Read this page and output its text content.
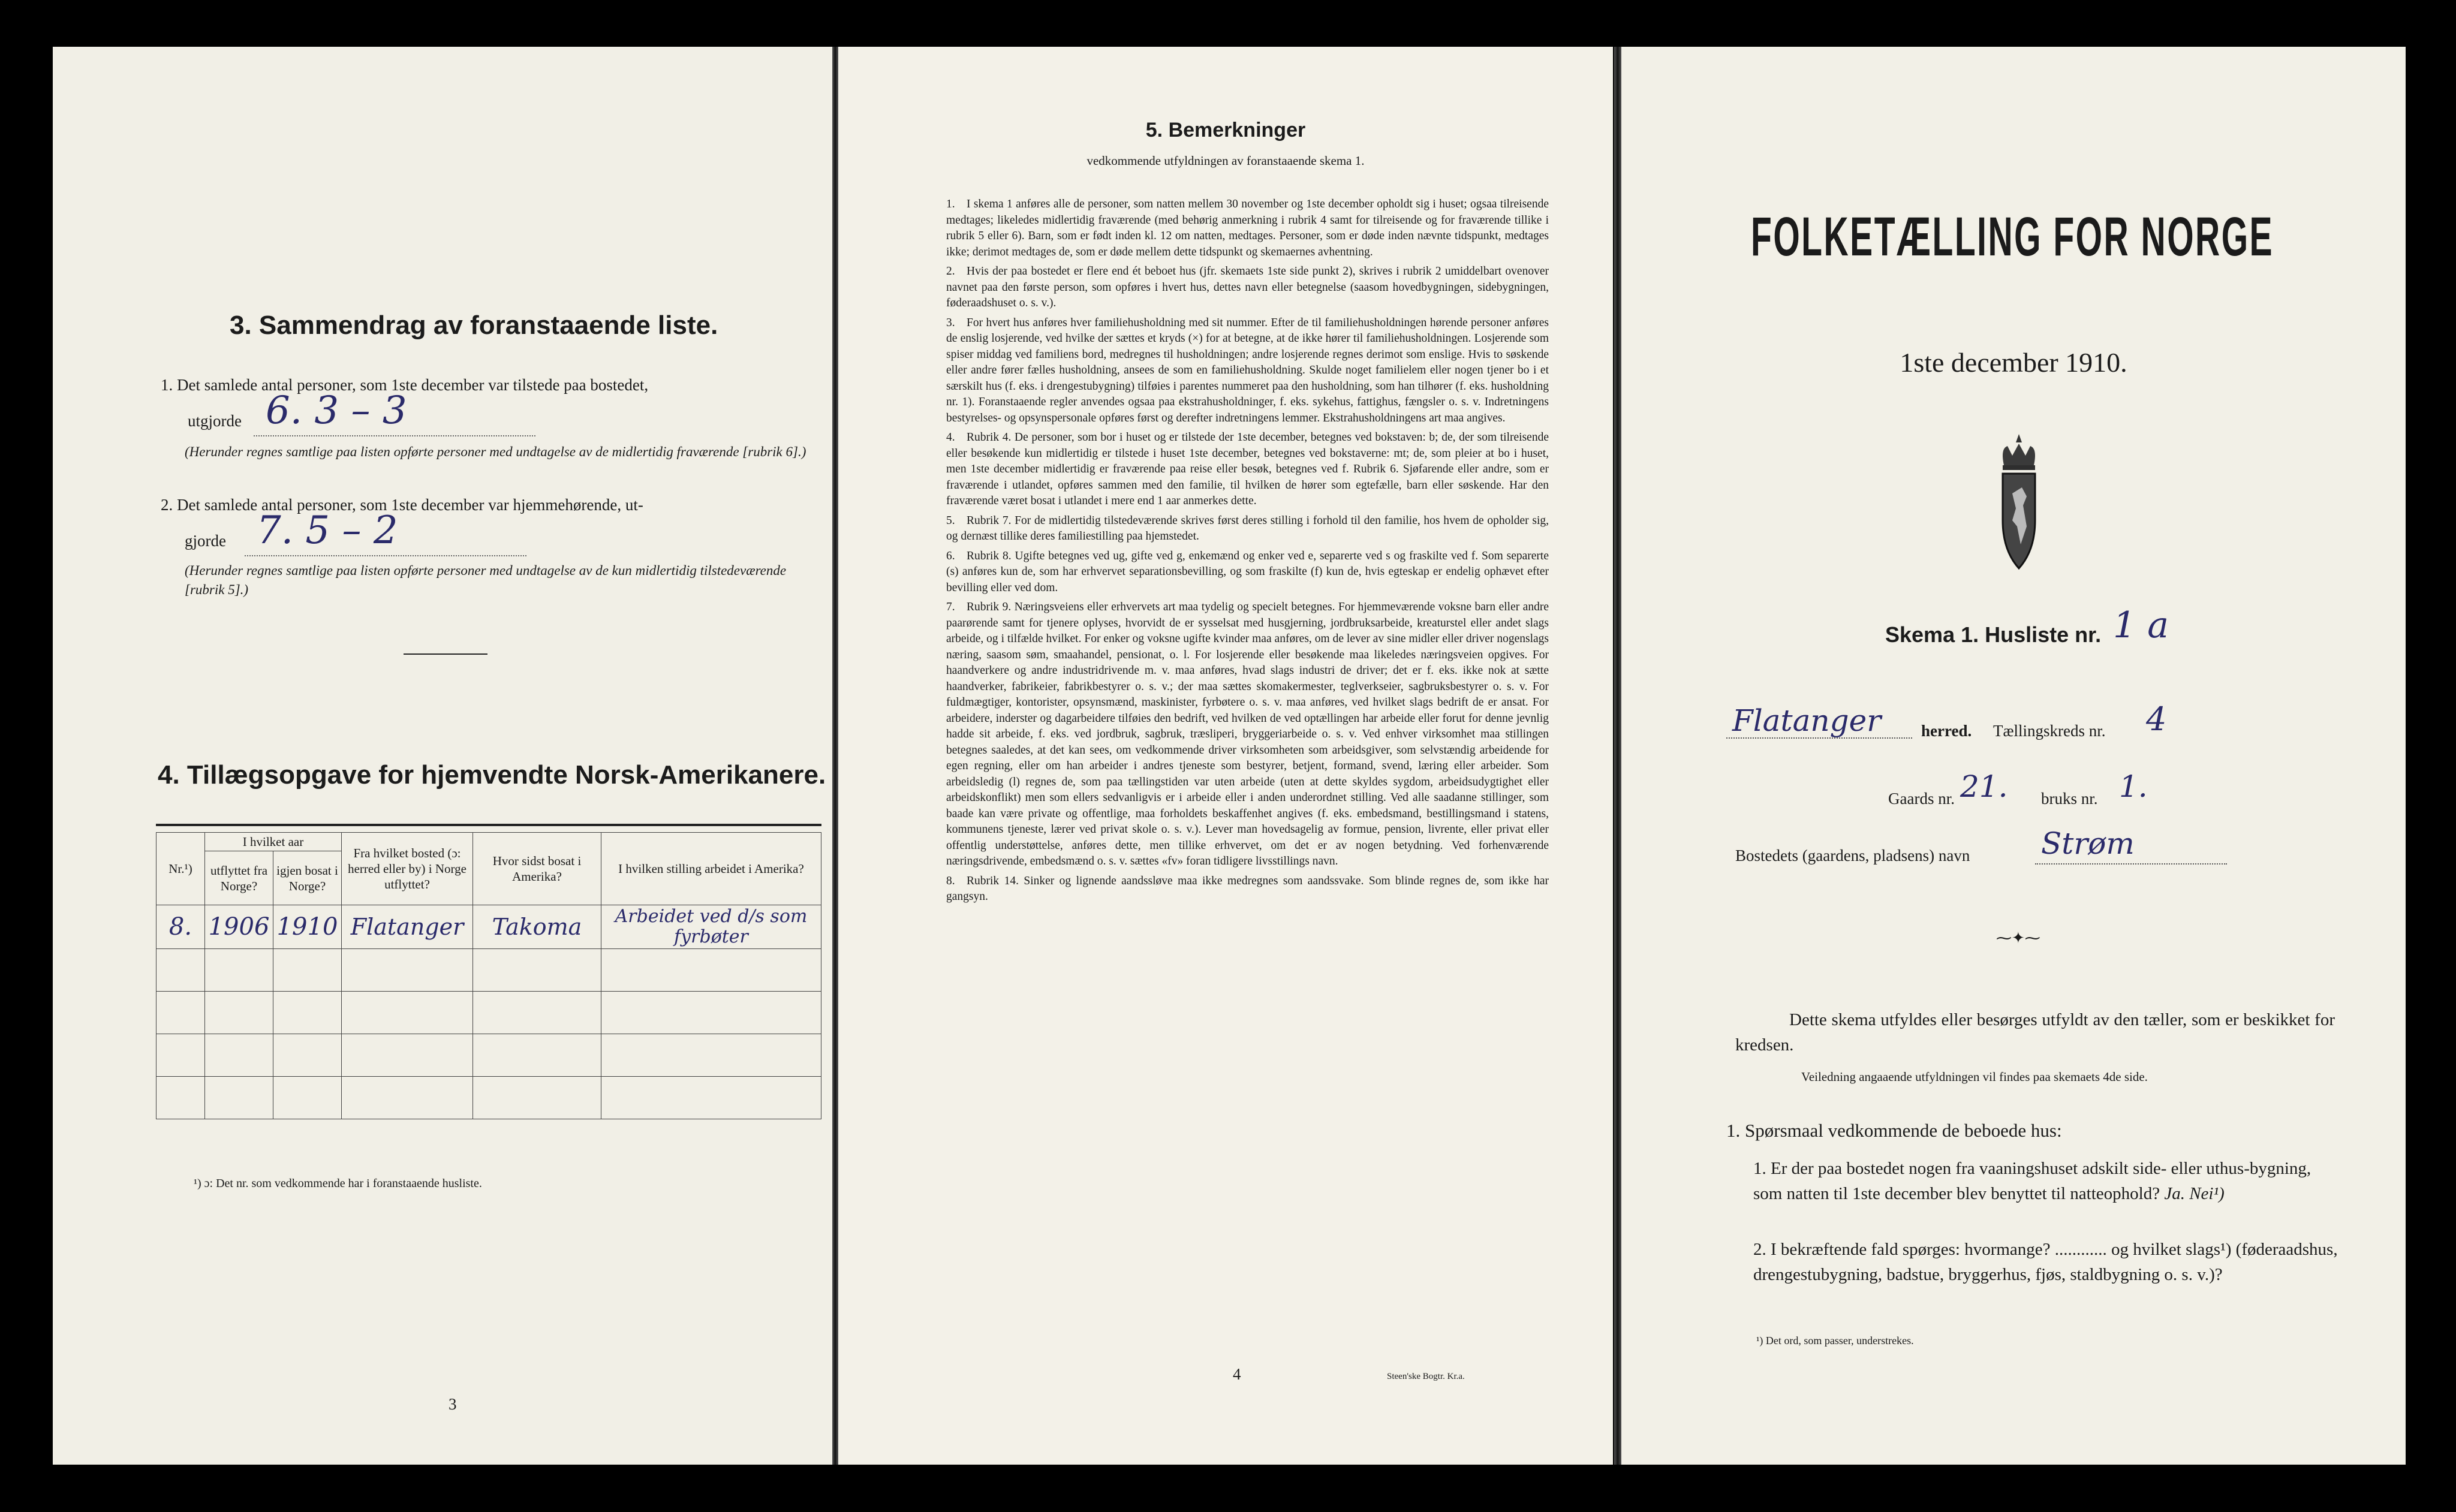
3. Sammendrag av foranstaaende liste.
1. Det samlede antal personer, som 1ste december var tilstede paa bostedet,
utgjorde 6. 3 – 3
(Herunder regnes samtlige paa listen opførte personer med undtagelse av de midlertidig fraværende [rubrik 6].)
2. Det samlede antal personer, som 1ste december var hjemmehørende, ut-
gjorde 7. 5 – 2
(Herunder regnes samtlige paa listen opførte personer med undtagelse av de kun midlertidig tilstedeværende [rubrik 5].)
4. Tillægsopgave for hjemvendte Norsk-Amerikanere.
Nr.¹)	I hvilket aar		Fra hvilket bosted (ɔ: herred eller by) i Norge utflyttet?	Hvor sidst bosat i Amerika?	I hvilken stilling arbeidet i Amerika?
	utflyttet fra Norge?	igjen bosat i Norge?			
8.	1906	1910	Flatanger	Takoma	Arbeidet ved d/s som fyrbøter

¹) ɔ: Det nr. som vedkommende har i foranstaaende husliste.
3
5. Bemerkninger
vedkommende utfyldningen av foranstaaende skema 1.

1. I skema 1 anføres alle de personer, som natten mellem 30 november og 1ste december opholdt sig i huset; ogsaa tilreisende medtages; likeledes midlertidig fraværende (med behørig anmerkning i rubrik 4 samt for tilreisende og for fraværende tillike i rubrik 5 eller 6). Barn, som er født inden kl. 12 om natten, medtages. Personer, som er døde inden nævnte tidspunkt, medtages ikke; derimot medtages de, som er døde mellem dette tidspunkt og skemaernes avhentning.

2. Hvis der paa bostedet er flere end ét beboet hus (jfr. skemaets 1ste side punkt 2), skrives i rubrik 2 umiddelbart ovenover navnet paa den første person, som opføres i hvert hus, dettes navn eller betegnelse (saasom hovedbygningen, sidebygningen, føderaadshuset o. s. v.).

3. For hvert hus anføres hver familiehusholdning med sit nummer. Efter de til familiehusholdningen hørende personer anføres de enslig losjerende, ved hvilke der sættes et kryds (×) for at betegne, at de ikke hører til familiehusholdningen. Losjerende som spiser middag ved familiens bord, medregnes til husholdningen; andre losjerende regnes derimot som enslige. Hvis to søskende eller andre fører fælles husholdning, ansees de som en familiehusholdning. Skulde noget familielem eller nogen tjener bo i et særskilt hus (f. eks. i drengestubygning) tilføies i parentes nummeret paa den husholdning, som han tilhører (f. eks. husholdning nr. 1). Foranstaaende regler anvendes ogsaa paa ekstrahusholdninger, f. eks. sykehus, fattighus, fængsler o. s. v. Indretningens bestyrelses- og opsynspersonale opføres først og derefter indretningens lemmer. Ekstrahusholdningens art maa angives.

4. Rubrik 4. De personer, som bor i huset og er tilstede der 1ste december, betegnes ved bokstaven: b; de, der som tilreisende eller besøkende kun midlertidig er tilstede i huset 1ste december, betegnes ved bokstaverne: mt; de, som pleier at bo i huset, men 1ste december midlertidig er fraværende paa reise eller besøk, betegnes ved f. Rubrik 6. Sjøfarende eller andre, som er fraværende i utlandet, opføres sammen med den familie, til hvilken de hører som egtefælle, barn eller søskende. Har den fraværende været bosat i utlandet i mere end 1 aar anmerkes dette.

5. Rubrik 7. For de midlertidig tilstedeværende skrives først deres stilling i forhold til den familie, hos hvem de opholder sig, og dernæst tillike deres familiestilling paa hjemstedet.

6. Rubrik 8. Ugifte betegnes ved ug, gifte ved g, enkemænd og enker ved e, separerte ved s og fraskilte ved f. Som separerte (s) anføres kun de, som har erhvervet separationsbevilling, og som fraskilte (f) kun de, hvis egteskap er endelig ophævet efter bevilling eller ved dom.

7. Rubrik 9. Næringsveiens eller erhvervets art maa tydelig og specielt betegnes. For hjemmeværende voksne barn eller andre paarørende samt for tjenere oplyses, hvorvidt de er sysselsat med husgjerning, jordbruksarbeide, kreaturstel eller andet slags arbeide, og i tilfælde hvilket. For enker og voksne ugifte kvinder maa anføres, om de lever av sine midler eller driver nogenslags næring, saasom søm, smaahandel, pensionat, o. l. For losjerende eller besøkende maa likeledes næringsveien opgives. For haandverkere og andre industridrivende m. v. maa anføres, hvad slags industri de driver; det er f. eks. ikke nok at sætte haandverker, fabrikeier, fabrikbestyrer o. s. v.; der maa sættes skomakermester, teglverkseier, sagbruksbestyrer o. s. v. For fuldmægtiger, kontorister, opsynsmænd, maskinister, fyrbøtere o. s. v. maa anføres, ved hvilket slags bedrift de er ansat. For arbeidere, inderster og dagarbeidere tilføies den bedrift, ved hvilken de ved optællingen har arbeide eller forut for denne jevnlig hadde sit arbeide, f. eks. ved jordbruk, sagbruk, træsliperi, bryggeriarbeide o. s. v. Ved enhver virksomhet maa stillingen betegnes saaledes, at det kan sees, om vedkommende driver virksomheten som arbeidsgiver, som selvstændig arbeidende for egen regning, eller om han arbeider i andres tjeneste som bestyrer, betjent, formand, svend, læring eller arbeider. Som arbeidsledig (l) regnes de, som paa tællingstiden var uten arbeide (uten at dette skyldes sygdom, arbeidsudygtighet eller arbeidskonflikt) men som ellers sedvanligvis er i arbeide eller i anden underordnet stilling. Ved alle saadanne stillinger, som baade kan være private og offentlige, maa forholdets beskaffenhet angives (f. eks. embedsmand, bestillingsmand i statens, kommunens tjeneste, lærer ved privat skole o. s. v.). Lever man hovedsagelig av formue, pension, livrente, eller privat eller offentlig understøttelse, anføres dette, men tillike erhvervet, om det er av nogen betydning. Ved forhenværende næringsdrivende, embedsmænd o. s. v. sættes «fv» foran tidligere livsstillings navn.

8. Rubrik 14. Sinker og lignende aandssløve maa ikke medregnes som aandssvake. Som blinde regnes de, som ikke har gangsyn.

4	Steen'ske Bogtr. Kr.a.
FOLKETÆLLING FOR NORGE
1ste december 1910.
Skema 1. Husliste nr. 1 a
Flatanger herred. Tællingskreds nr. 4
Gaards nr. 21. bruks nr. 1.
Bostedets (gaardens, pladsens) navn Strøm
⁓✦⁓
Dette skema utfyldes eller besørges utfyldt av den tæller, som er beskikket for kredsen.
Veiledning angaaende utfyldningen vil findes paa skemaets 4de side.
1. Spørsmaal vedkommende de beboede hus:
1. Er der paa bostedet nogen fra vaaningshuset adskilt side- eller uthus-bygning, som natten til 1ste december blev benyttet til natteophold? Ja. Nei¹)
2. I bekræftende fald spørges: hvormange? ............ og hvilket slags¹) (føderaadshus, drengestubygning, badstue, bryggerhus, fjøs, staldbygning o. s. v.)?
¹) Det ord, som passer, understrekes.
